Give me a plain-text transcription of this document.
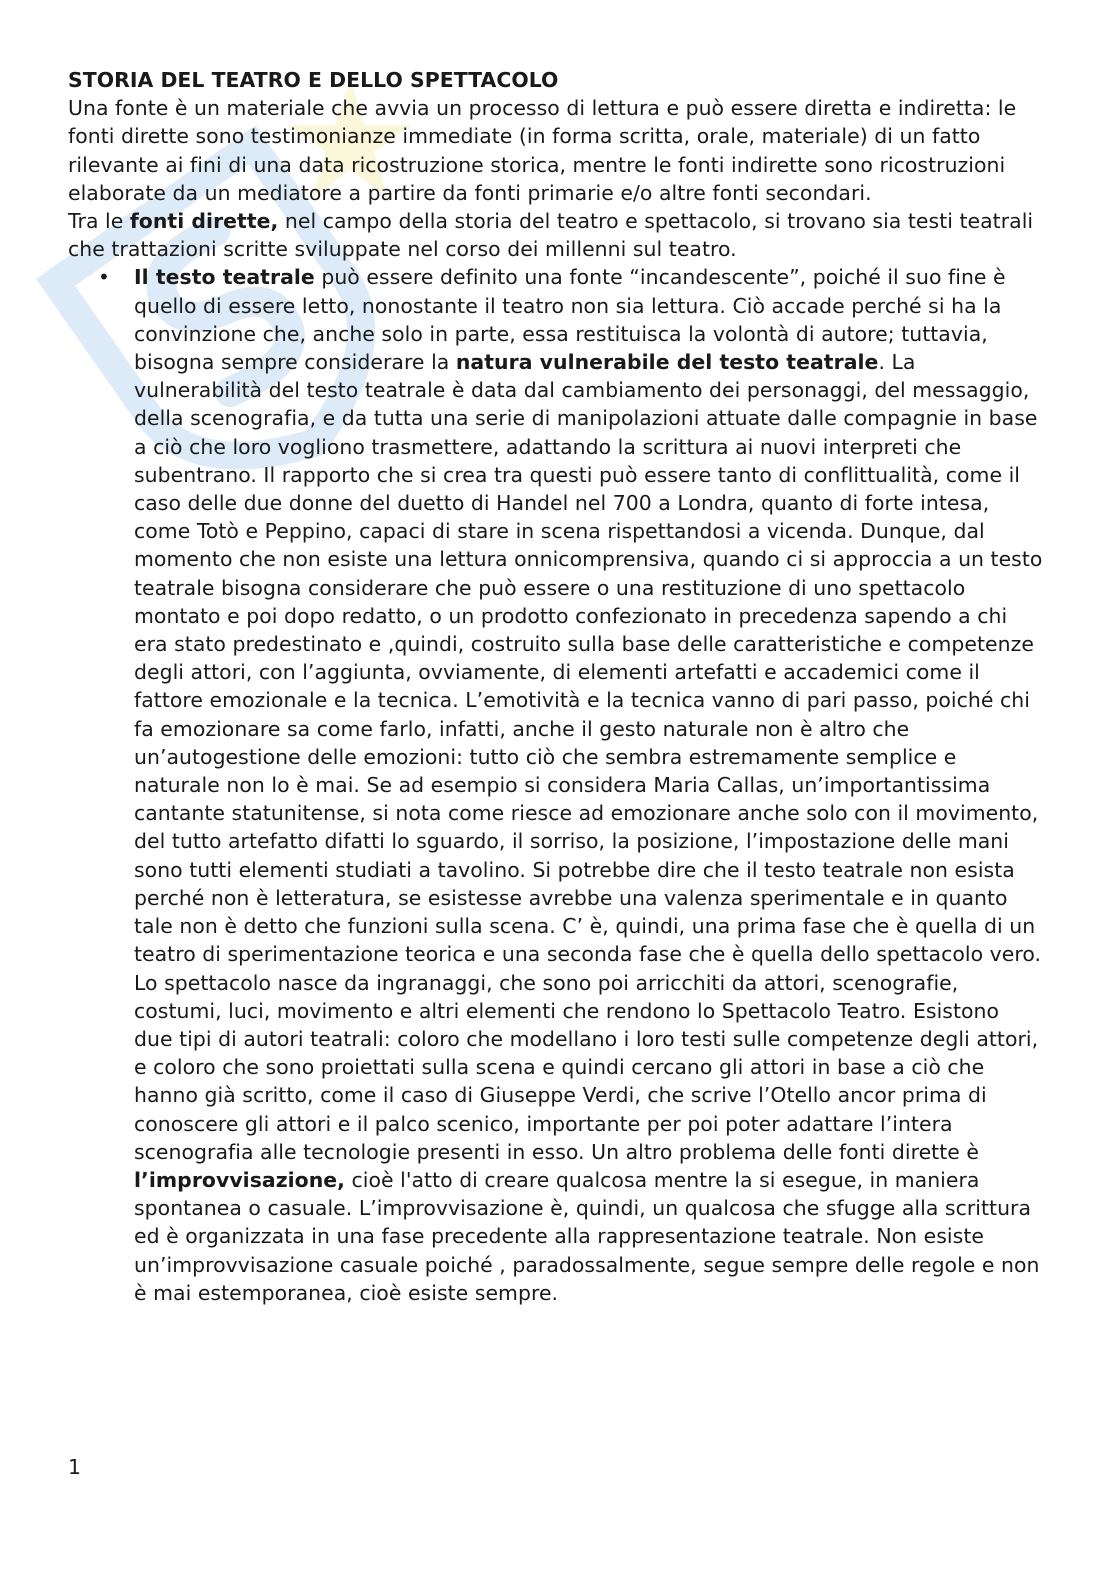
STORIA DEL TEATRO E DELLO SPETTACOLO

Una fonte è un materiale che avvia un processo di lettura e può essere diretta e indiretta: le fonti dirette sono testimonianze immediate (in forma scritta, orale, materiale) di un fatto rilevante ai fini di una data ricostruzione storica, mentre le fonti indirette sono ricostruzioni elaborate da un mediatore a partire da fonti primarie e/o altre fonti secondari.

Tra le fonti dirette, nel campo della storia del teatro e spettacolo, si trovano sia testi teatrali che trattazioni scritte sviluppate nel corso dei millenni sul teatro.

• Il testo teatrale può essere definito una fonte “incandescente”, poiché il suo fine è quello di essere letto, nonostante il teatro non sia lettura. Ciò accade perché si ha la convinzione che, anche solo in parte, essa restituisca la volontà di autore; tuttavia, bisogna sempre considerare la natura vulnerabile del testo teatrale. La vulnerabilità del testo teatrale è data dal cambiamento dei personaggi, del messaggio, della scenografia, e da tutta una serie di manipolazioni attuate dalle compagnie in base a ciò che loro vogliono trasmettere, adattando la scrittura ai nuovi interpreti che subentrano. Il rapporto che si crea tra questi può essere tanto di conflittualità, come il caso delle due donne del duetto di Handel nel 700 a Londra, quanto di forte intesa, come Totò e Peppino, capaci di stare in scena rispettandosi a vicenda. Dunque, dal momento che non esiste una lettura onnicomprensiva, quando ci si approccia a un testo teatrale bisogna considerare che può essere o una restituzione di uno spettacolo montato e poi dopo redatto, o un prodotto confezionato in precedenza sapendo a chi era stato predestinato e ,quindi, costruito sulla base delle caratteristiche e competenze degli attori, con l’aggiunta, ovviamente, di elementi artefatti e accademici come il fattore emozionale e la tecnica. L’emotività e la tecnica vanno di pari passo, poiché chi fa emozionare sa come farlo, infatti, anche il gesto naturale non è altro che un’autogestione delle emozioni: tutto ciò che sembra estremamente semplice e naturale non lo è mai. Se ad esempio si considera Maria Callas, un’importantissima cantante statunitense, si nota come riesce ad emozionare anche solo con il movimento, del tutto artefatto difatti lo sguardo, il sorriso, la posizione, l’impostazione delle mani sono tutti elementi studiati a tavolino. Si potrebbe dire che il testo teatrale non esista perché non è letteratura, se esistesse avrebbe una valenza sperimentale e in quanto tale non è detto che funzioni sulla scena. C’ è, quindi, una prima fase che è quella di un teatro di sperimentazione teorica e una seconda fase che è quella dello spettacolo vero. Lo spettacolo nasce da ingranaggi, che sono poi arricchiti da attori, scenografie, costumi, luci, movimento e altri elementi che rendono lo Spettacolo Teatro. Esistono due tipi di autori teatrali: coloro che modellano i loro testi sulle competenze degli attori, e coloro che sono proiettati sulla scena e quindi cercano gli attori in base a ciò che hanno già scritto, come il caso di Giuseppe Verdi, che scrive l’Otello ancor prima di conoscere gli attori e il palco scenico, importante per poi poter adattare l’intera scenografia alle tecnologie presenti in esso. Un altro problema delle fonti dirette è l’improvvisazione, cioè l'atto di creare qualcosa mentre la si esegue, in maniera spontanea o casuale. L’improvvisazione è, quindi, un qualcosa che sfugge alla scrittura ed è organizzata in una fase precedente alla rappresentazione teatrale. Non esiste un’improvvisazione casuale poiché , paradossalmente, segue sempre delle regole e non è mai estemporanea, cioè esiste sempre.
1
